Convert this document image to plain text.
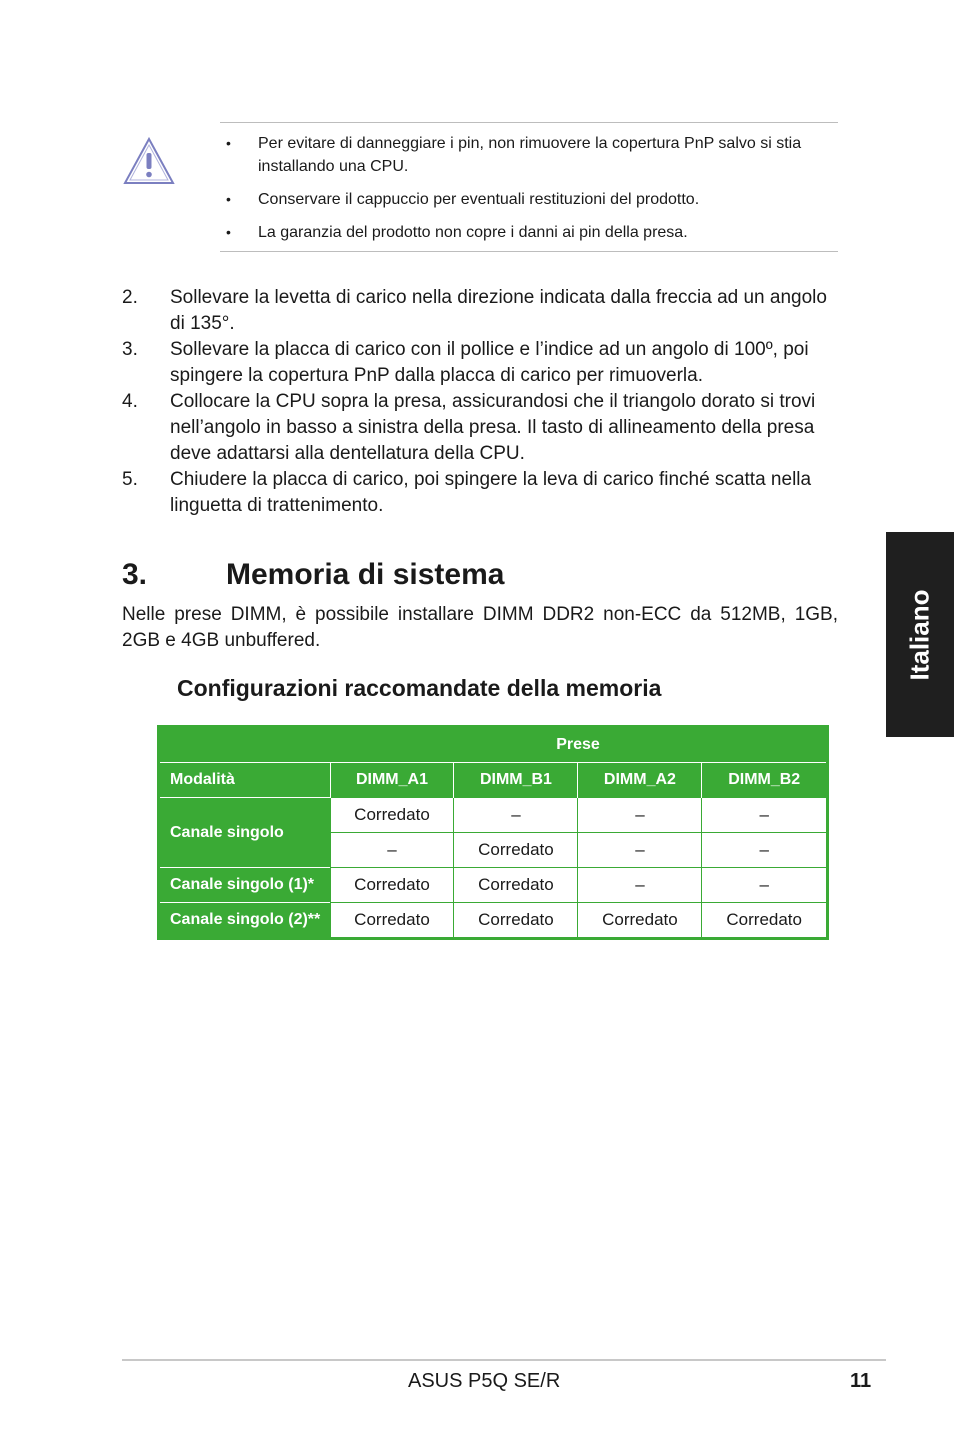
• Per evitare di danneggiare i pin, non rimuovere la copertura PnP salvo si stia installando una CPU.
• Conservare il cappuccio per eventuali restituzioni del prodotto.
• La garanzia del prodotto non copre i danni ai pin della presa.
2. Sollevare la levetta di carico nella direzione indicata dalla freccia ad un angolo di 135°.
3. Sollevare la placca di carico con il pollice e l’indice ad un angolo di 100º, poi spingere la copertura PnP dalla placca di carico per rimuoverla.
4. Collocare la CPU sopra la presa, assicurandosi che il triangolo dorato si trovi nell’angolo in basso a sinistra della presa. Il tasto di allineamento della presa deve adattarsi alla dentellatura della CPU.
5. Chiudere la placca di carico, poi spingere la leva di carico finché scatta nella linguetta di trattenimento.
3.	Memoria di sistema
Nelle prese DIMM, è possibile installare DIMM DDR2 non-ECC da 512MB, 1GB, 2GB e 4GB unbuffered.
Configurazioni raccomandate della memoria
	Prese			
Modalità	DIMM_A1	DIMM_B1	DIMM_A2	DIMM_B2
Canale singolo	Corredato	–	–	–
	–	Corredato	–	–
Canale singolo (1)*	Corredato	Corredato	–	–
Canale singolo (2)**	Corredato	Corredato	Corredato	Corredato
Italiano
ASUS P5Q SE/R	11
